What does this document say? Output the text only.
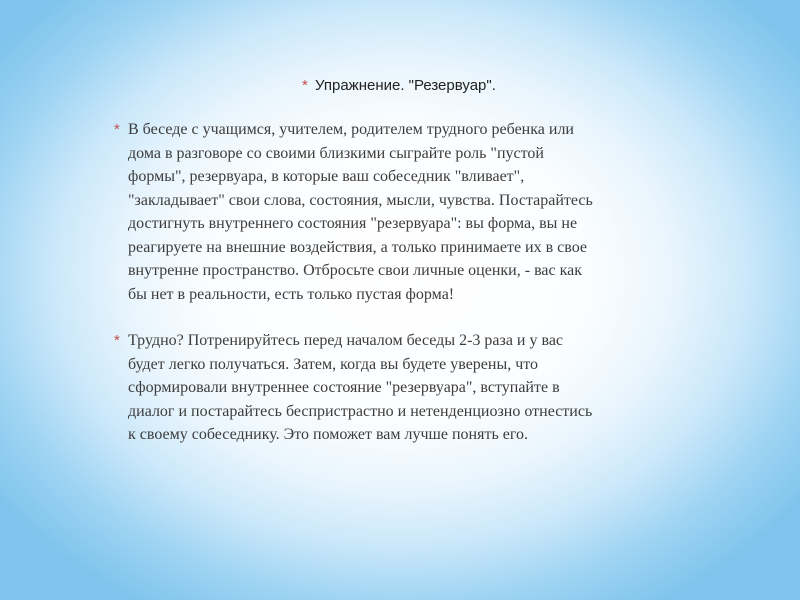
* Упражнение. "Резервуар".
* В беседе с учащимся, учителем, родителем трудного ребенка или
дома в разговоре со своими близкими сыграйте роль "пустой
формы", резервуара, в которые ваш собеседник "вливает",
"закладывает" свои слова, состояния, мысли, чувства. Постарайтесь
достигнуть внутреннего состояния "резервуара": вы форма, вы не
реагируете на внешние воздействия, а только принимаете их в свое
внутренне пространство. Отбросьте свои личные оценки, - вас как
бы нет в реальности, есть только пустая форма!
* Трудно? Потренируйтесь перед началом беседы 2-3 раза и у вас
будет легко получаться. Затем, когда вы будете уверены, что
сформировали внутреннее состояние "резервуара", вступайте в
диалог и постарайтесь беспристрастно и нетенденциозно отнестись
к своему собеседнику. Это поможет вам лучше понять его.
